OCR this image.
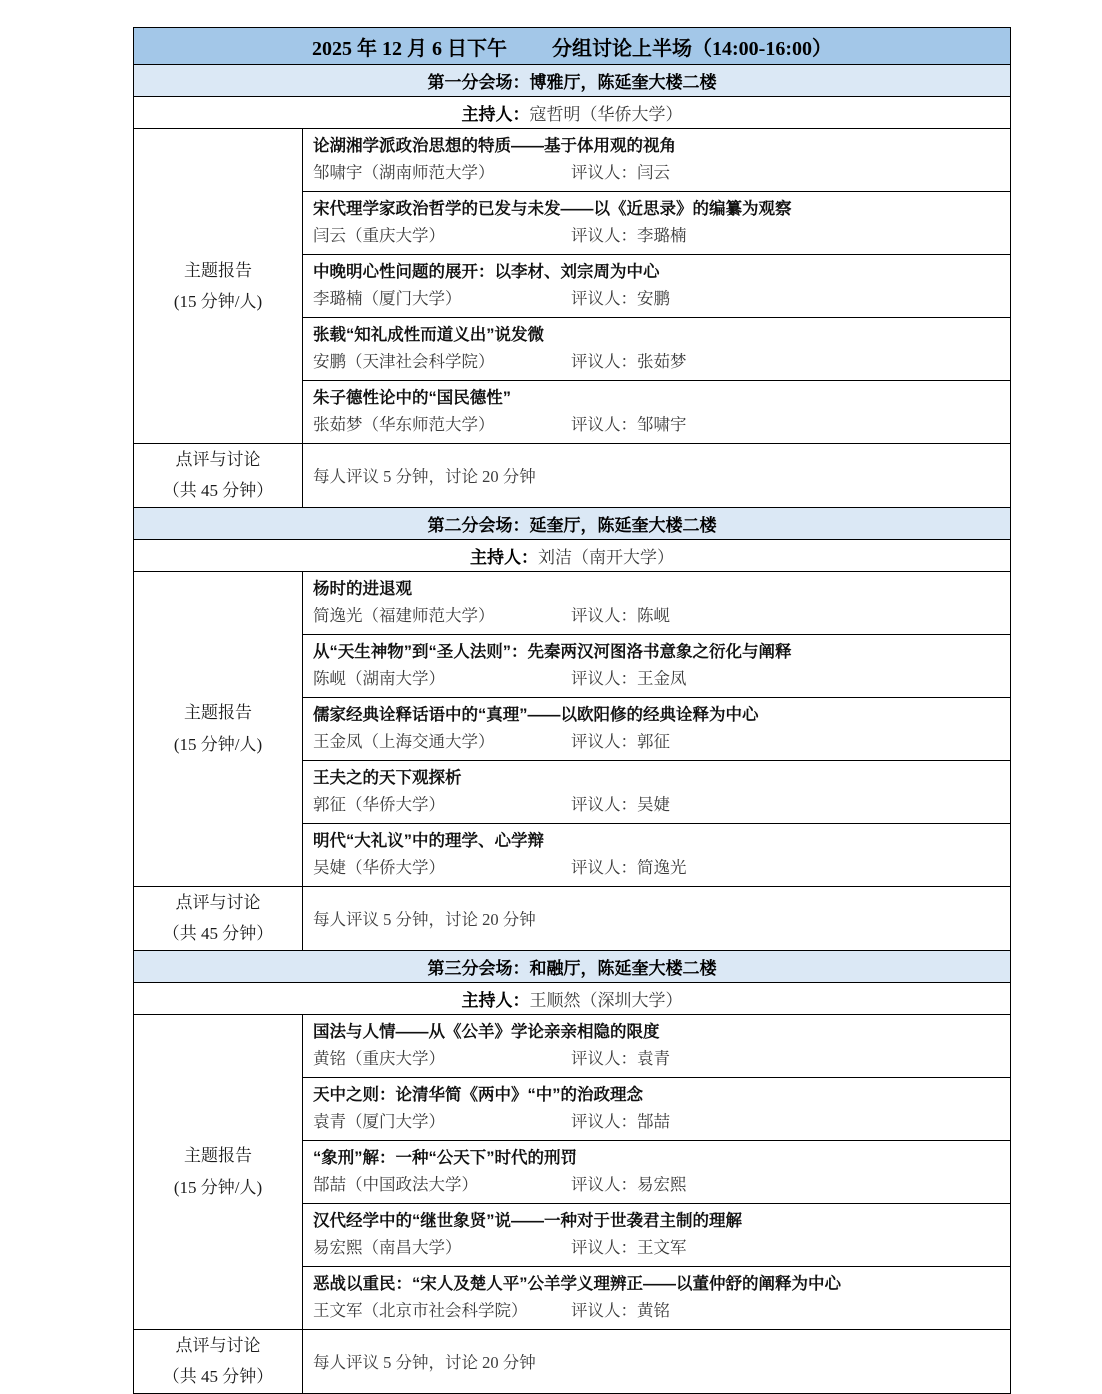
2025 年 12 月 6 日下午　　 分组讨论上半场（14:00-16:00）	
第一分会场：博雅厅，陈延奎大楼二楼	
主持人：寇哲明（华侨大学）	

主题报告
(15 分钟/人)

论湖湘学派政治思想的特质——基于体用观的视角
邹啸宇（湖南师范大学）	评议人：闫云

	宋代理学家政治哲学的已发与未发——以《近思录》的编纂为观察
闫云（重庆大学） 评议人：李璐楠

	中晚明心性问题的展开：以李材、刘宗周为中心
李璐楠（厦门大学） 评议人：安鹏

	张载“知礼成性而道义出”说发微
安鹏（天津社会科学院） 评议人：张茹梦

	朱子德性论中的“国民德性”
张茹梦（华东师范大学） 评议人：邹啸宇

点评与讨论
（共 45 分钟）	每人评议 5 分钟，讨论 20 分钟
第二分会场：延奎厅，陈延奎大楼二楼	
主持人：刘洁（南开大学）	

主题报告
(15 分钟/人)

杨时的进退观
简逸光（福建师范大学）	评议人：陈岘

	从“天生神物”到“圣人法则”：先秦两汉河图洛书意象之衍化与阐释
陈岘（湖南大学） 评议人：王金凤

	儒家经典诠释话语中的“真理”——以欧阳修的经典诠释为中心
王金凤（上海交通大学） 评议人：郭征

	王夫之的天下观探析
郭征（华侨大学） 评议人：吴婕

	明代“大礼议”中的理学、心学辩
吴婕（华侨大学） 评议人：简逸光

点评与讨论
（共 45 分钟）	每人评议 5 分钟，讨论 20 分钟
第三分会场：和融厅，陈延奎大楼二楼	
主持人：王顺然（深圳大学）	

主题报告
(15 分钟/人)

国法与人情——从《公羊》学论亲亲相隐的限度
黄铭（重庆大学）	评议人：袁青

	天中之则：论清华简《两中》“中”的治政理念
袁青（厦门大学） 评议人：郜喆

	“象刑”解：一种“公天下”时代的刑罚
郜喆（中国政法大学） 评议人：易宏熙

	汉代经学中的“继世象贤”说——一种对于世袭君主制的理解
易宏熙（南昌大学） 评议人：王文军

	恶战以重民：“宋人及楚人平”公羊学义理辨正——以董仲舒的阐释为中心
王文军（北京市社会科学院） 评议人：黄铭

点评与讨论
（共 45 分钟）	每人评议 5 分钟，讨论 20 分钟
